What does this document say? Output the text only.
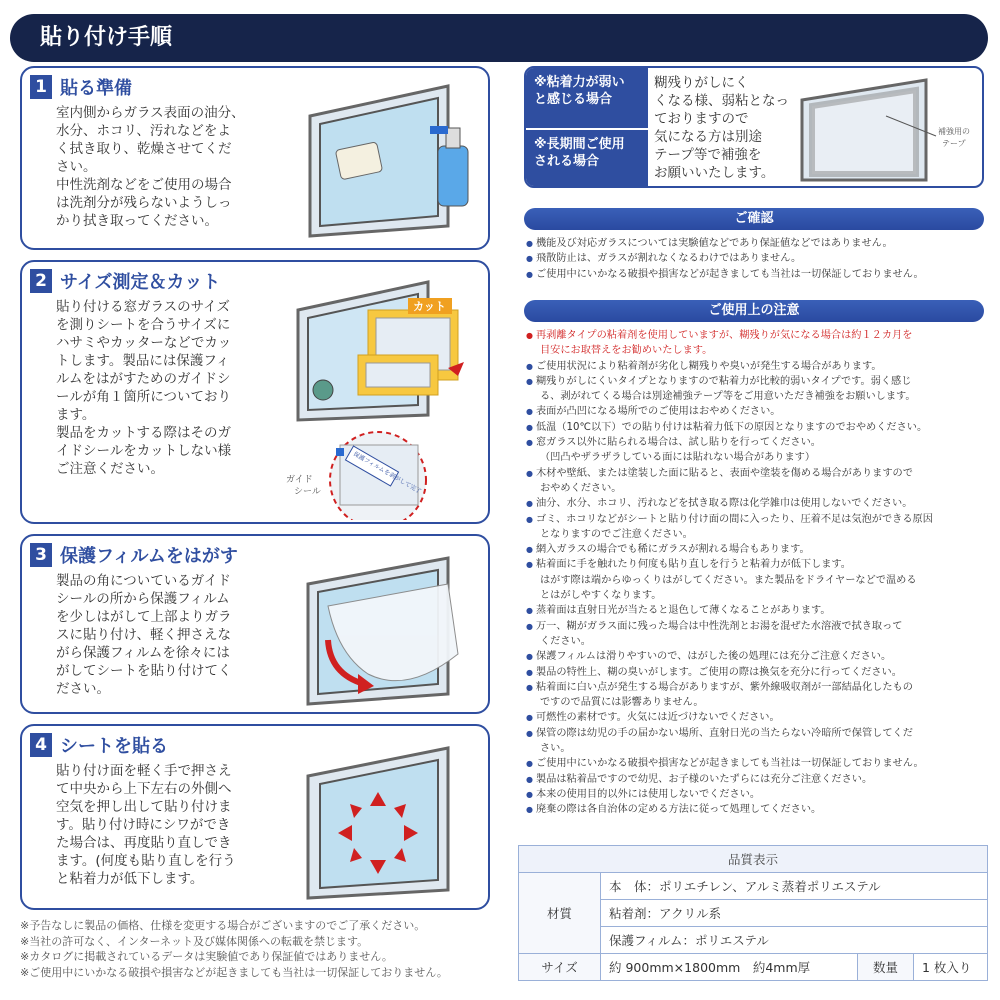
貼り付け手順
1 貼る準備
室内側からガラス表面の油分、
水分、ホコリ、汚れなどをよ
く拭き取り、乾燥させてくだ
さい。
中性洗剤などをご使用の場合
は洗剤分が残らないようしっ
かり拭き取ってください。
2 サイズ測定＆カット
貼り付ける窓ガラスのサイズ
を測りシートを合うサイズに
ハサミやカッターなどでカッ
トします。製品には保護フィ
ルムをはがすためのガイドシ
ールが角１箇所についており
ます。
製品をカットする際はそのガ
イドシールをカットしない様
ご注意ください。
カット
保護フィルムを剥がして完了
ガイド
シール
3 保護フィルムをはがす
製品の角についているガイド
シールの所から保護フィルム
を少しはがして上部よりガラ
スに貼り付け、軽く押さえな
がら保護フィルムを徐々には
がしてシートを貼り付けてく
ださい。
4 シートを貼る
貼り付け面を軽く手で押さえ
て中央から上下左右の外側へ
空気を押し出して貼り付けま
す。貼り付け時にシワができ
た場合は、再度貼り直しでき
ます。(何度も貼り直しを行う
と粘着力が低下します。
※予告なしに製品の価格、仕様を変更する場合がございますのでご了承ください。
※当社の許可なく、インターネット及び媒体関係への転載を禁じます。
※カタログに掲載されているデータは実験値であり保証値ではありません。
※ご使用中にいかなる破損や損害などが起きましても当社は一切保証しておりません。
※粘着力が弱い
と感じる場合
※長期間ご使用
される場合
糊残りがしにく
くなる様、弱粘となっ
ておりますので
気になる方は別途
テープ等で補強を
お願いいたします。
補強用の
テープ
ご確認
● 機能及び対応ガラスについては実験値などであり保証値などではありません。
● 飛散防止は、ガラスが割れなくなるわけではありません。
● ご使用中にいかなる破損や損害などが起きましても当社は一切保証しておりません。
ご使用上の注意
● 再剥離タイプの粘着剤を使用していますが、糊残りが気になる場合は約１２カ月を
目安にお取替えをお勧めいたします。
● ご使用状況により粘着剤が劣化し糊残りや臭いが発生する場合があります。
● 糊残りがしにくいタイプとなりますので粘着力が比較的弱いタイプです。弱く感じ
る、剥がれてくる場合は別途補強テープ等をご用意いただき補強をお願いします。
● 表面が凸凹になる場所でのご使用はおやめください。
● 低温（10℃以下）での貼り付けは粘着力低下の原因となりますのでおやめください。
● 窓ガラス以外に貼られる場合は、試し貼りを行ってください。
（凹凸やザラザラしている面には貼れない場合があります）
● 木材や壁紙、または塗装した面に貼ると、表面や塗装を傷める場合がありますので
おやめください。
● 油分、水分、ホコリ、汚れなどを拭き取る際は化学雑巾は使用しないでください。
● ゴミ、ホコリなどがシートと貼り付け面の間に入ったり、圧着不足は気泡ができる原因
となりますのでご注意ください。
● 網入ガラスの場合でも稀にガラスが割れる場合もあります。
● 粘着面に手を触れたり何度も貼り直しを行うと粘着力が低下します。
はがす際は端からゆっくりはがしてください。また製品をドライヤーなどで温める
とはがしやすくなります。
● 蒸着面は直射日光が当たると退色して薄くなることがあります。
● 万一、糊がガラス面に残った場合は中性洗剤とお湯を混ぜた水溶液で拭き取って
ください。
● 保護フィルムは滑りやすいので、はがした後の処理には充分ご注意ください。
● 製品の特性上、糊の臭いがします。ご使用の際は換気を充分に行ってください。
● 粘着面に白い点が発生する場合がありますが、紫外線吸収剤が一部結晶化したもの
ですので品質には影響ありません。
● 可燃性の素材です。火気には近づけないでください。
● 保管の際は幼児の手の届かない場所、直射日光の当たらない冷暗所で保管してくだ
さい。
● ご使用中にいかなる破損や損害などが起きましても当社は一切保証しておりません。
● 製品は粘着品ですので幼児、お子様のいたずらには充分ご注意ください。
● 本来の使用目的以外には使用しないでください。
● 廃棄の際は各自治体の定める方法に従って処理してください。
品質表示			
材質	本　体：ポリエチレン、アルミ蒸着ポリエステル		
	粘着剤：アクリル系		
	保護フィルム：ポリエステル		
サイズ	約 900mm×1800mm　約4mm厚	数量	1 枚入り
